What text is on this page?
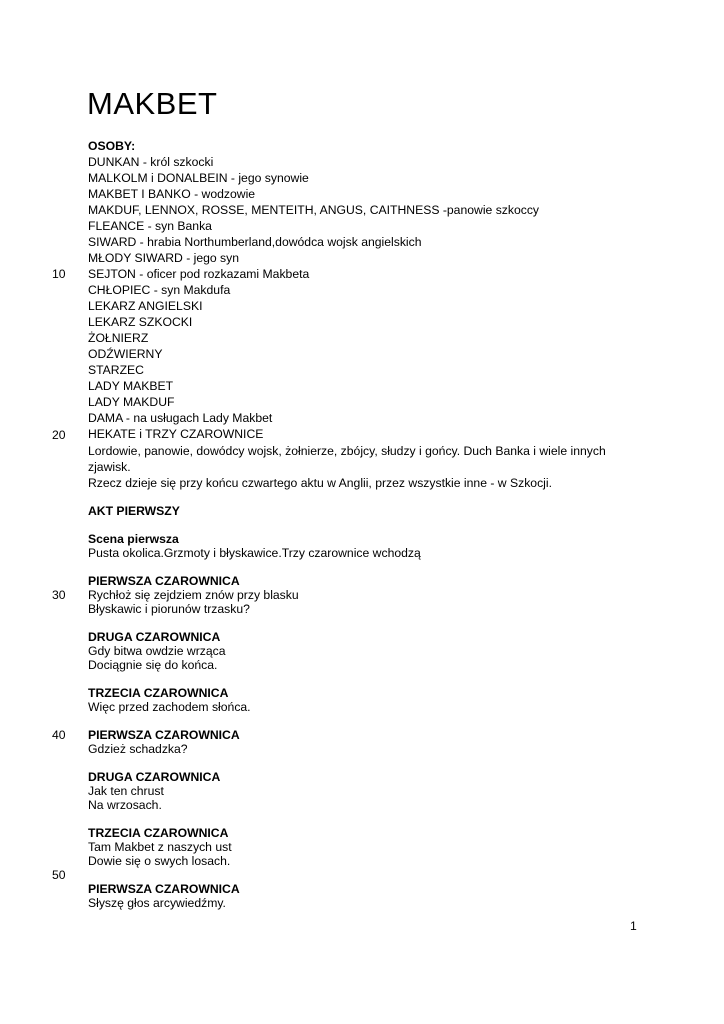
MAKBET
OSOBY:
DUNKAN - król szkocki
MALKOLM i DONALBEIN - jego synowie
MAKBET I BANKO - wodzowie
MAKDUF, LENNOX, ROSSE, MENTEITH, ANGUS, CAITHNESS -panowie szkoccy
FLEANCE - syn Banka
SIWARD - hrabia Northumberland,dowódca wojsk angielskich
MŁODY SIWARD - jego syn
10 SEJTON - oficer pod rozkazami Makbeta
CHŁOPIEC - syn Makdufa
LEKARZ ANGIELSKI
LEKARZ SZKOCKI
ŻOŁNIERZ
ODŹWIERNY
STARZEC
LADY MAKBET
LADY MAKDUF
DAMA - na usługach Lady Makbet
20 HEKATE i TRZY CZAROWNICE
Lordowie, panowie, dowódcy wojsk, żołnierze, zbójcy, słudzy i gońcy. Duch Banka i wiele innych
zjawisk.
Rzecz dzieje się przy końcu czwartego aktu w Anglii, przez wszystkie inne - w Szkocji.
AKT PIERWSZY
Scena pierwsza
Pusta okolica.Grzmoty i błyskawice.Trzy czarownice wchodzą
PIERWSZA CZAROWNICA
30 Rychłoż się zejdziem znów przy blasku
Błyskawic i piorunów trzasku?
DRUGA CZAROWNICA
Gdy bitwa owdzie wrząca
Dociągnie się do końca.
TRZECIA CZAROWNICA
Więc przed zachodem słońca.
40 PIERWSZA CZAROWNICA
Gdzież schadzka?
DRUGA CZAROWNICA
Jak ten chrust
Na wrzosach.
TRZECIA CZAROWNICA
Tam Makbet z naszych ust
Dowie się o swych losach.
50
PIERWSZA CZAROWNICA
Słyszę głos arcywiedźmy.
1
